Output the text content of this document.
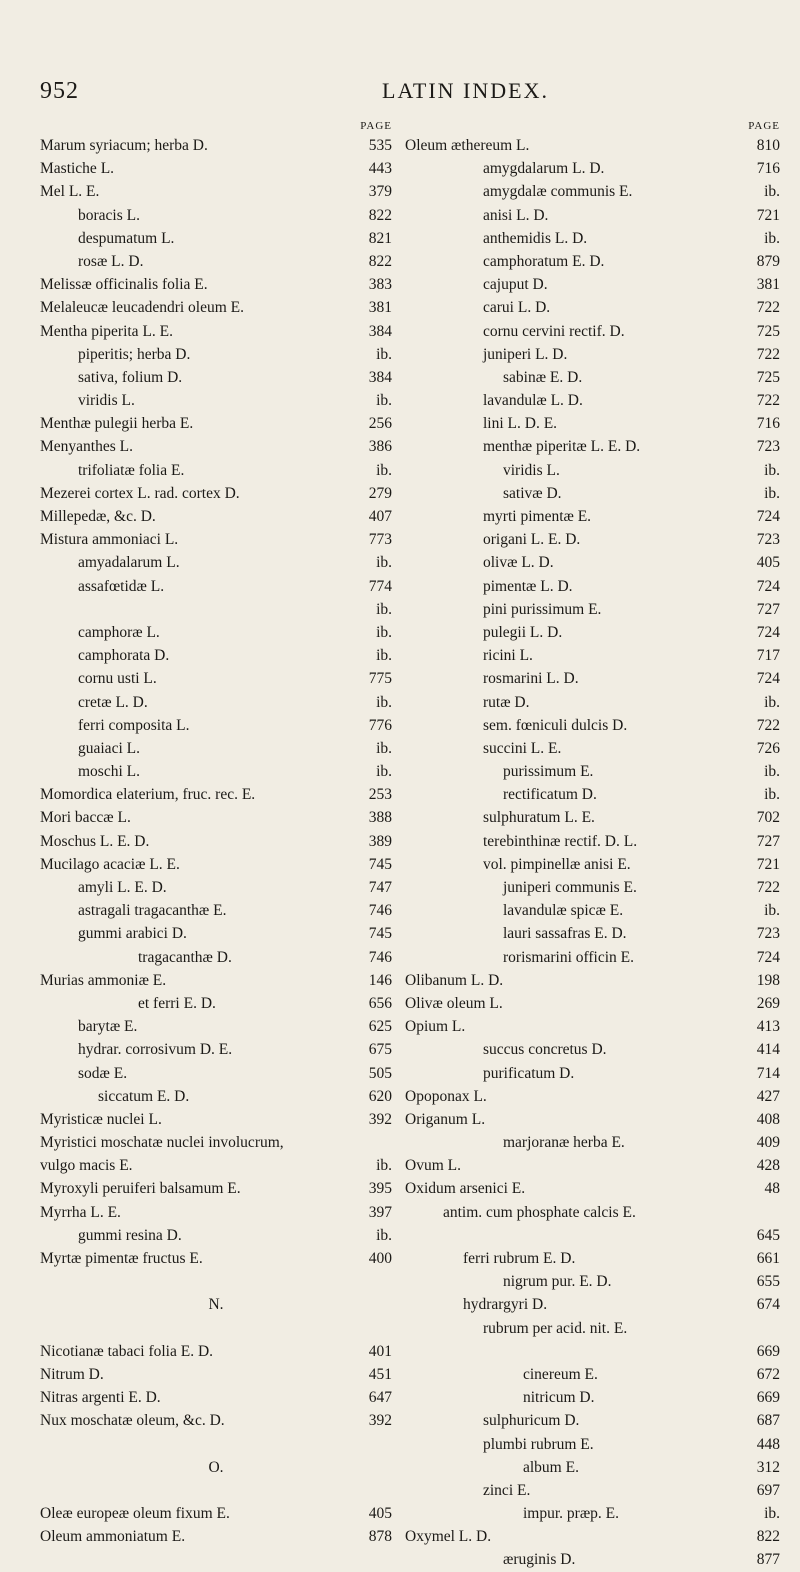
952	LATIN INDEX.
PAGE
Marum syriacum; herba D.	535
Mastiche L.	443
Mel L. E.	379
boracis L.	822
despumatum L.	821
rosæ L. D.	822
Melissæ officinalis folia E.	383
Melaleucæ leucadendri oleum E.	381
Mentha piperita L. E.	384
piperitis; herba D.	ib.
sativa, folium D.	384
viridis L.	ib.
Menthæ pulegii herba E.	256
Menyanthes L.	386
trifoliatæ folia E.	ib.
Mezerei cortex L. rad. cortex D.	279
Millepedæ, &c. D.	407
Mistura ammoniaci L.	773
amyadalarum L.	ib.
assafœtidæ L.	774
ib.
camphoræ L.	ib.
camphorata D.	ib.
cornu usti L.	775
cretæ L. D.	ib.
ferri composita L.	776
guaiaci L.	ib.
moschi L.	ib.
Momordica elaterium, fruc. rec. E.	253
Mori baccæ L.	388
Moschus L. E. D.	389
Mucilago acaciæ L. E.	745
amyli L. E. D.	747
astragali tragacanthæ E.	746
gummi arabici D.	745
tragacanthæ D.	746
Murias ammoniæ E.	146
et ferri E. D.	656
barytæ E.	625
hydrar. corrosivum D. E.	675
sodæ E.	505
siccatum E. D.	620
Myristicæ nuclei L.	392
Myristici moschatæ nuclei involucrum,
vulgo macis E.	ib.
Myroxyli peruiferi balsamum E.	395
Myrrha L. E.	397
gummi resina D.	ib.
Myrtæ pimentæ fructus E.	400
N.
Nicotianæ tabaci folia E. D.	401
Nitrum D.	451
Nitras argenti E. D.	647
Nux moschatæ oleum, &c. D.	392
O.
Oleæ europeæ oleum fixum E.	405
Oleum ammoniatum E.	878
PAGE
Oleum æthereum L.	810
amygdalarum L. D.	716
amygdalæ communis E.	ib.
anisi L. D.	721
anthemidis L. D.	ib.
camphoratum E. D.	879
cajuput D.	381
carui L. D.	722
cornu cervini rectif. D.	725
juniperi L. D.	722
sabinæ E. D.	725
lavandulæ L. D.	722
lini L. D. E.	716
menthæ piperitæ L. E. D.	723
viridis L.	ib.
sativæ D.	ib.
myrti pimentæ E.	724
origani L. E. D.	723
olivæ L. D.	405
pimentæ L. D.	724
pini purissimum E.	727
pulegii L. D.	724
ricini L.	717
rosmarini L. D.	724
rutæ D.	ib.
sem. fœniculi dulcis D.	722
succini L. E.	726
purissimum E.	ib.
rectificatum D.	ib.
sulphuratum L. E.	702
terebinthinæ rectif. D. L.	727
vol. pimpinellæ anisi E.	721
juniperi communis E.	722
lavandulæ spicæ E.	ib.
lauri sassafras E. D.	723
rorismarini officin E.	724
Olibanum L. D.	198
Olivæ oleum L.	269
Opium L.	413
succus concretus D.	414
purificatum D.	714
Opoponax L.	427
Origanum L.	408
marjoranæ herba E.	409
Ovum L.	428
Oxidum arsenici E.	48
antim. cum phosphate calcis E.
645
ferri rubrum E. D.	661
nigrum pur. E. D.	655
hydrargyri D.	674
rubrum per acid. nit. E.
669
cinereum E.	672
nitricum D.	669
sulphuricum D.	687
plumbi rubrum E.	448
album E.	312
zinci E.	697
impur. præp. E.	ib.
Oxymel L. D.	822
æruginis D.	877
